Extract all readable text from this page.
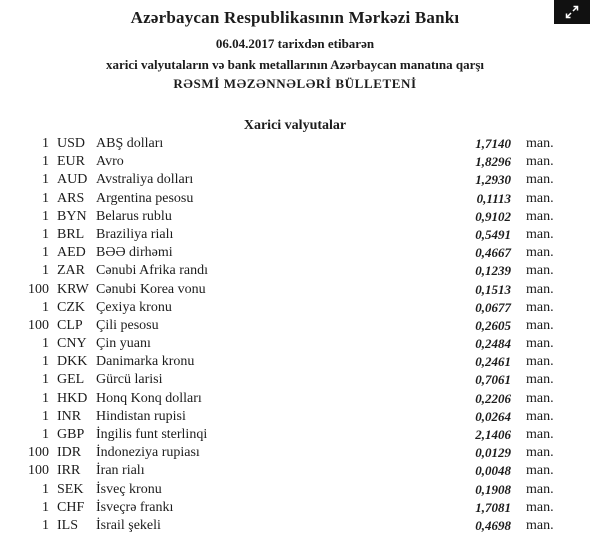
Azərbaycan Respublikasının Mərkəzi Bankı
06.04.2017 tarixdən etibarən
xarici valyutaların və bank metallarının Azərbaycan manatına qarşı
RƏSMİ MƏZƏNNƏLƏRİ BÜLLETENİ
Xarici valyutalar
1 USD ABŞ dolları	1,7140 man.
1 EUR Avro	1,8296 man.
1 AUD Avstraliya dolları	1,2930 man.
1 ARS Argentina pesosu	0,1113 man.
1 BYN Belarus rublu	0,9102 man.
1 BRL Braziliya rialı	0,5491 man.
1 AED BƏƏ dirhəmi	0,4667 man.
1 ZAR Cənubi Afrika randı	0,1239 man.
100 KRW Cənubi Korea vonu	0,1513 man.
1 CZK Çexiya kronu	0,0677 man.
100 CLP Çili pesosu	0,2605 man.
1 CNY Çin yuanı	0,2484 man.
1 DKK Danimarka kronu	0,2461 man.
1 GEL Gürcü larisi	0,7061 man.
1 HKD Honq Konq dolları	0,2206 man.
1 INR Hindistan rupisi	0,0264 man.
1 GBP İngilis funt sterlinqi	2,1406 man.
100 IDR İndoneziya rupiası	0,0129 man.
100 IRR İran rialı	0,0048 man.
1 SEK İsveç kronu	0,1908 man.
1 CHF İsveçrə frankı	1,7081 man.
1 ILS İsrail şekeli	0,4698 man.
